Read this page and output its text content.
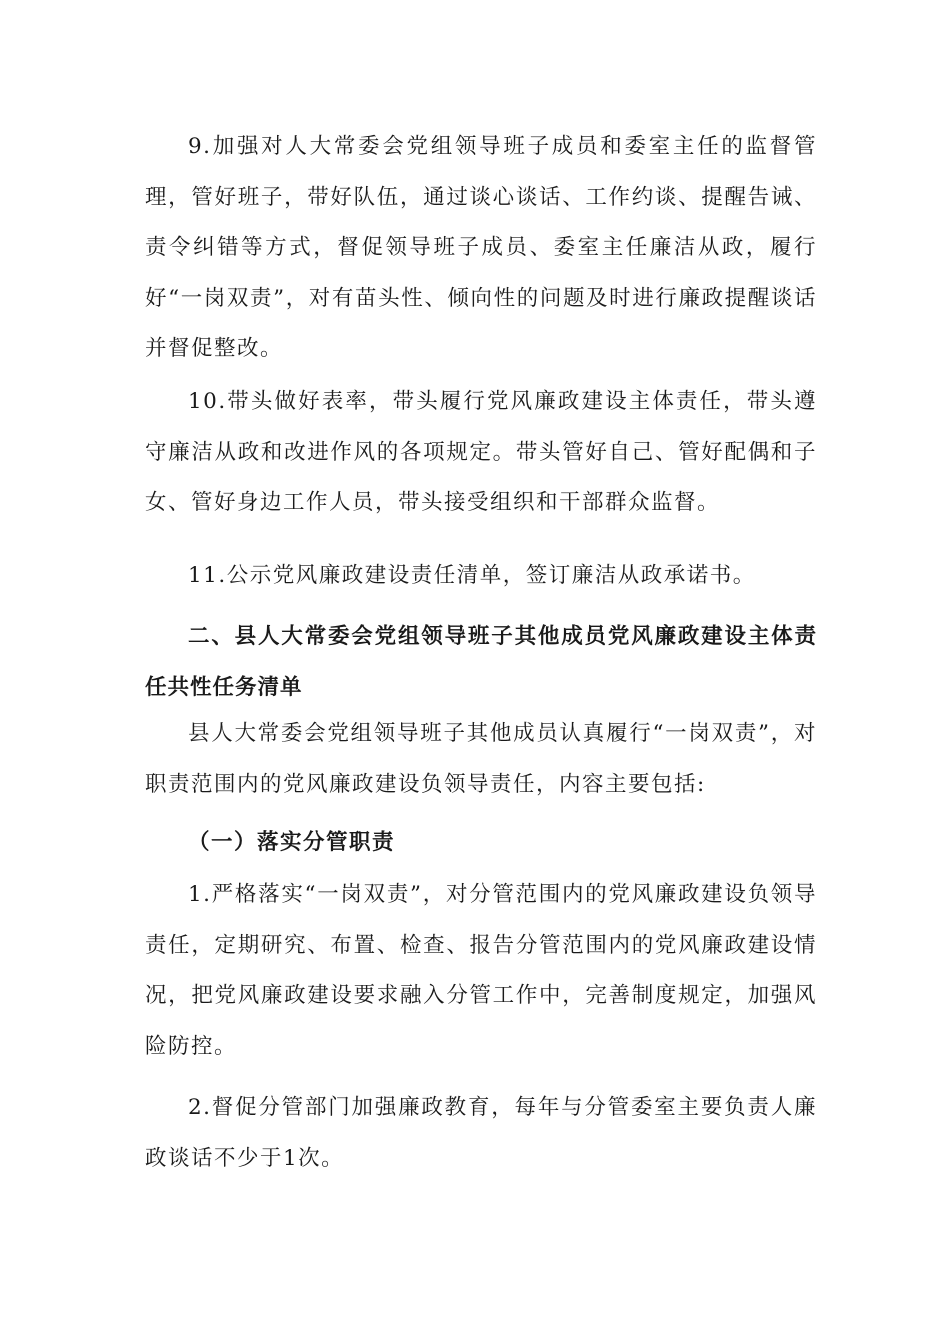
9.加强对人大常委会党组领导班子成员和委室主任的监督管理，管好班子，带好队伍，通过谈心谈话、工作约谈、提醒告诫、责令纠错等方式，督促领导班子成员、委室主任廉洁从政，履行好“一岗双责”，对有苗头性、倾向性的问题及时进行廉政提醒谈话并督促整改。

10.带头做好表率，带头履行党风廉政建设主体责任，带头遵守廉洁从政和改进作风的各项规定。带头管好自己、管好配偶和子女、管好身边工作人员，带头接受组织和干部群众监督。

11.公示党风廉政建设责任清单，签订廉洁从政承诺书。

二、县人大常委会党组领导班子其他成员党风廉政建设主体责任共性任务清单

县人大常委会党组领导班子其他成员认真履行“一岗双责”，对职责范围内的党风廉政建设负领导责任，内容主要包括:

（一）落实分管职责

1.严格落实“一岗双责”，对分管范围内的党风廉政建设负领导责任，定期研究、布置、检查、报告分管范围内的党风廉政建设情况，把党风廉政建设要求融入分管工作中，完善制度规定，加强风险防控。

2.督促分管部门加强廉政教育，每年与分管委室主要负责人廉政谈话不少于1次。
